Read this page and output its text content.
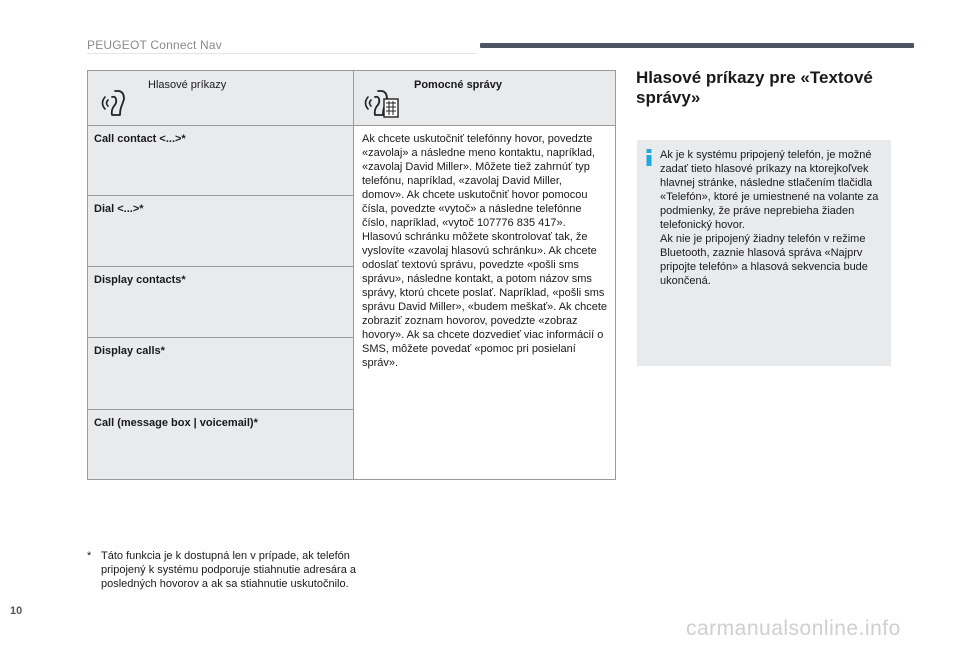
PEUGEOT Connect Nav
Hlasové príkazy	Pomocné správy

Call contact <...>*	Ak chcete uskutočniť telefónny hovor, povedzte «zavolaj» a následne meno kontaktu, napríklad, «zavolaj David Miller». Môžete tiež zahrnúť typ telefónu, napríklad, «zavolaj David Miller, domov». Ak chcete uskutočniť hovor pomocou čísla, povedzte «vytoč» a následne telefónne číslo, napríklad, «vytoč 107776 835 417». Hlasovú schránku môžete skontrolovať tak, že vyslovíte «zavolaj hlasovú schránku». Ak chcete odoslať textovú správu, povedzte «pošli sms správu», následne kontakt, a potom názov sms správy, ktorú chcete poslať. Napríklad, «pošli sms správu David Miller», «budem meškať». Ak chcete zobraziť zoznam hovorov, povedzte «zobraz hovory». Ak sa chcete dozvedieť viac informácií o SMS, môžete povedať «pomoc pri posielaní správ».
Dial <...>*	
Display contacts*	
Display calls*	
Call (message box | voicemail)*	
* Táto funkcia je k dostupná len v prípade, ak telefón pripojený k systému podporuje stiahnutie adresára a posledných hovorov a ak sa stiahnutie uskutočnilo.
Hlasové príkazy pre «Textové správy»
Ak je k systému pripojený telefón, je možné zadať tieto hlasové príkazy na ktorejkoľvek hlavnej stránke, následne stlačením tlačidla «Telefón», ktoré je umiestnené na volante za podmienky, že práve neprebieha žiaden telefonický hovor.
Ak nie je pripojený žiadny telefón v režime Bluetooth, zaznie hlasová správa «Najprv pripojte telefón» a hlasová sekvencia bude ukončená.
10
carmanualsonline.info
